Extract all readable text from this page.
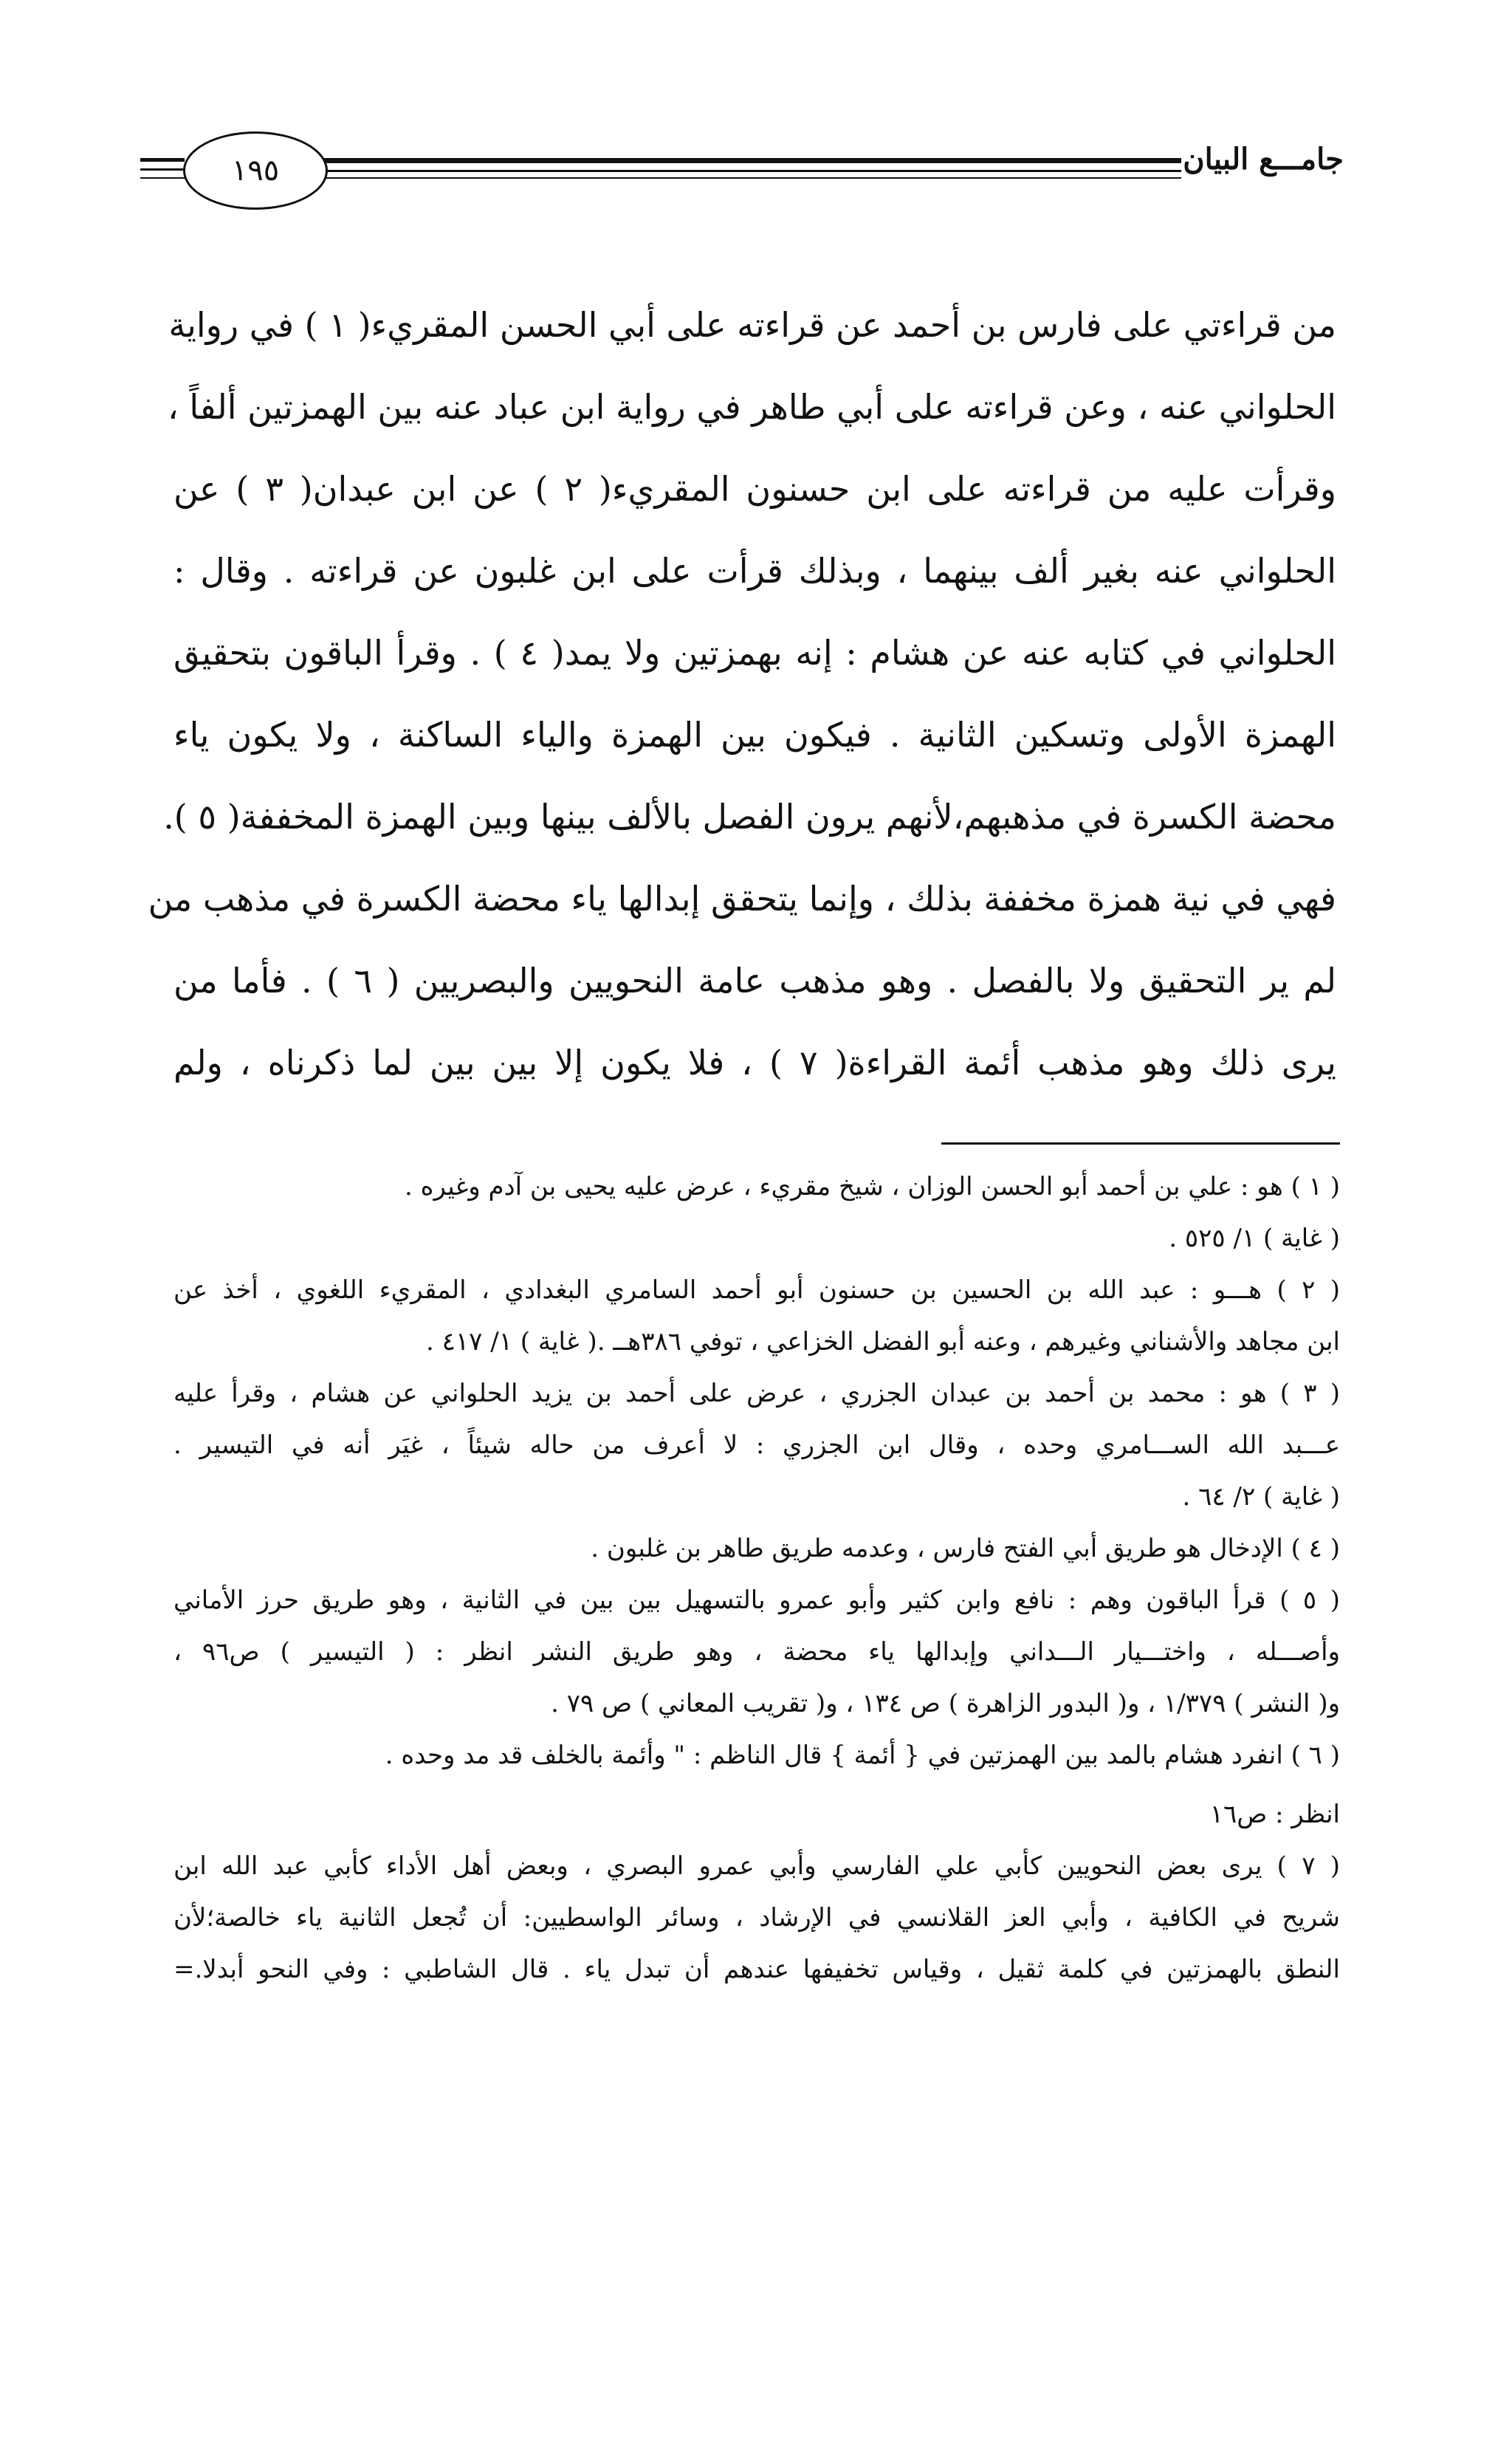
١٩٥	جامـــع البيان

من قراءتي على فارس بن أحمد عن قراءته على أبي الحسن المقريء( ١ ) في رواية

الحلواني عنه ، وعن قراءته على أبي طاهر في رواية ابن عباد عنه بين الهمزتين ألفاً ،

وقرأت عليه من قراءته على ابن حسنون المقريء( ٢ ) عن ابن عبدان( ٣ ) عن

الحلواني عنه بغير ألف بينهما ، وبذلك قرأت على ابن غلبون عن قراءته . وقال :

الحلواني في كتابه عنه عن هشام : إنه بهمزتين ولا يمد( ٤ ) . وقرأ الباقون بتحقيق

الهمزة الأولى وتسكين الثانية . فيكون بين الهمزة والياء الساكنة ، ولا يكون ياء

محضة الكسرة في مذهبهم،لأنهم يرون الفصل بالألف بينها وبين الهمزة المخففة( ٥ ).

فهي في نية همزة مخففة بذلك ، وإنما يتحقق إبدالها ياء محضة الكسرة في مذهب من

لم ير التحقيق ولا بالفصل . وهو مذهب عامة النحويين والبصريين ( ٦ ) . فأما من

يرى ذلك وهو مذهب أئمة القراءة( ٧ ) ، فلا يكون إلا بين بين لما ذكرناه ، ولم

( ١ ) هو : علي بن أحمد أبو الحسن الوزان ، شيخ مقريء ، عرض عليه يحيى بن آدم وغيره .

( غاية ) ١/ ٥٢٥ .

( ٢ ) هـــو : عبد الله بن الحسين بن حسنون أبو أحمد السامري البغدادي ، المقريء اللغوي ، أخذ عن

ابن مجاهد والأشناني وغيرهم ، وعنه أبو الفضل الخزاعي ، توفي ٣٨٦هــ .( غاية ) ١/ ٤١٧ .

( ٣ ) هو : محمد بن أحمد بن عبدان الجزري ، عرض على أحمد بن يزيد الحلواني عن هشام ، وقرأ عليه

عـــبد الله الســـامري وحده ، وقال ابن الجزري : لا أعرف من حاله شيئاً ، غيَر أنه في التيسير .

( غاية ) ٢/ ٦٤ .

( ٤ ) الإدخال هو طريق أبي الفتح فارس ، وعدمه طريق طاهر بن غلبون .

( ٥ ) قرأ الباقون وهم : نافع وابن كثير وأبو عمرو بالتسهيل بين بين في الثانية ، وهو طريق حرز الأماني

وأصـــله ، واختـــيار الـــداني وإبدالها ياء محضة ، وهو طريق النشر انظر : ( التيسير ) ص٩٦ ،

و( النشر ) ١/٣٧٩ ، و( البدور الزاهرة ) ص ١٣٤ ، و( تقريب المعاني ) ص ٧٩ .

( ٦ ) انفرد هشام بالمد بين الهمزتين في { أئمة } قال الناظم : " وأئمة بالخلف قد مد وحده .

انظر : ص١٦

( ٧ ) يرى بعض النحويين كأبي علي الفارسي وأبي عمرو البصري ، وبعض أهل الأداء كأبي عبد الله ابن

شريح في الكافية ، وأبي العز القلانسي في الإرشاد ، وسائر الواسطيين: أن تُجعل الثانية ياء خالصة؛لأن

النطق بالهمزتين في كلمة ثقيل ، وقياس تخفيفها عندهم أن تبدل ياء . قال الشاطبي : وفي النحو أبدلا.=
